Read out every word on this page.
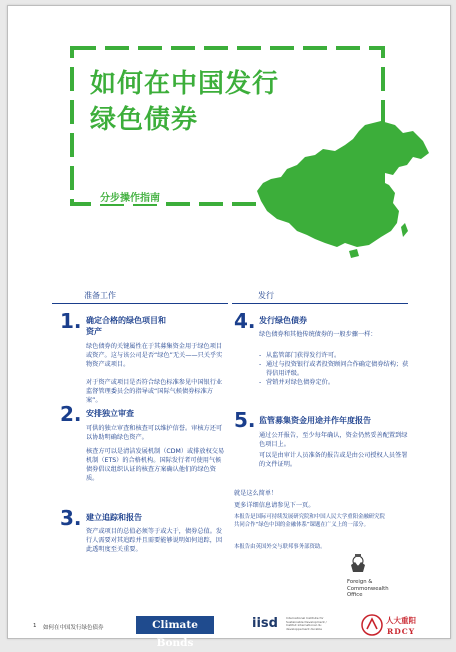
如何在中国发行
绿色债券
分步操作指南
准备工作	发行
1. 确定合格的绿色项目和
资产
绿色债券的关键属性在于其募集资金用于绿色项目或资产。这与该公司是否“绿色”无关——只关乎实物资产或项目。
对于资产或项目是否符合绿色标准参见中国银行业监督管理委员会的指导或“国际气候债券标准方案”。
2. 安排独立审查
可供的独立审查和核查可以维护信誉。审核方还可以协助明确绿色资产。
核查方可以是清洁发展机制（CDM）或排放权交易机制（ETS）的合格机构。国际发行者可使用气候债券倡议组织认证的核查方案确认他们的绿色资质。
3. 建立追踪和报告
资产或项目的总值必须等于或大于，债券总值。发行人需要对其追踪并且需要能够说明如何追踪，因此透明度至关重要。
4. 发行绿色债券
绿色债券和其他传统债券的一般步骤一样：
- 从监管部门获得发行许可。
- 通过与投资银行或者投资顾问合作确定债券结构；获得信用评级。
- 营销并对绿色债券定价。
5. 监管募集资金用途并作年度报告
通过公开报告，至少每年确认，资金仍然妥善配置到绿色项目上。
可以是由审计人员准备的报告或是由公司授权人员签署的文件证明。
就是这么简单！
更多详细信息请参见下一页。
本报告是国际可持续发展研究院和中国人民大学重阳金融研究院共同合作“绿色中国的金融体系”课题在广义上的一部分。
本报告由英国外交与联邦事务部资助。
Foreign &
Commonwealth
Office
1 如何在中国发行绿色债券	Climate Bonds
iisd	International Institute for Sustainable Development / Institut international du développement durable
人大重阳
RDCY
